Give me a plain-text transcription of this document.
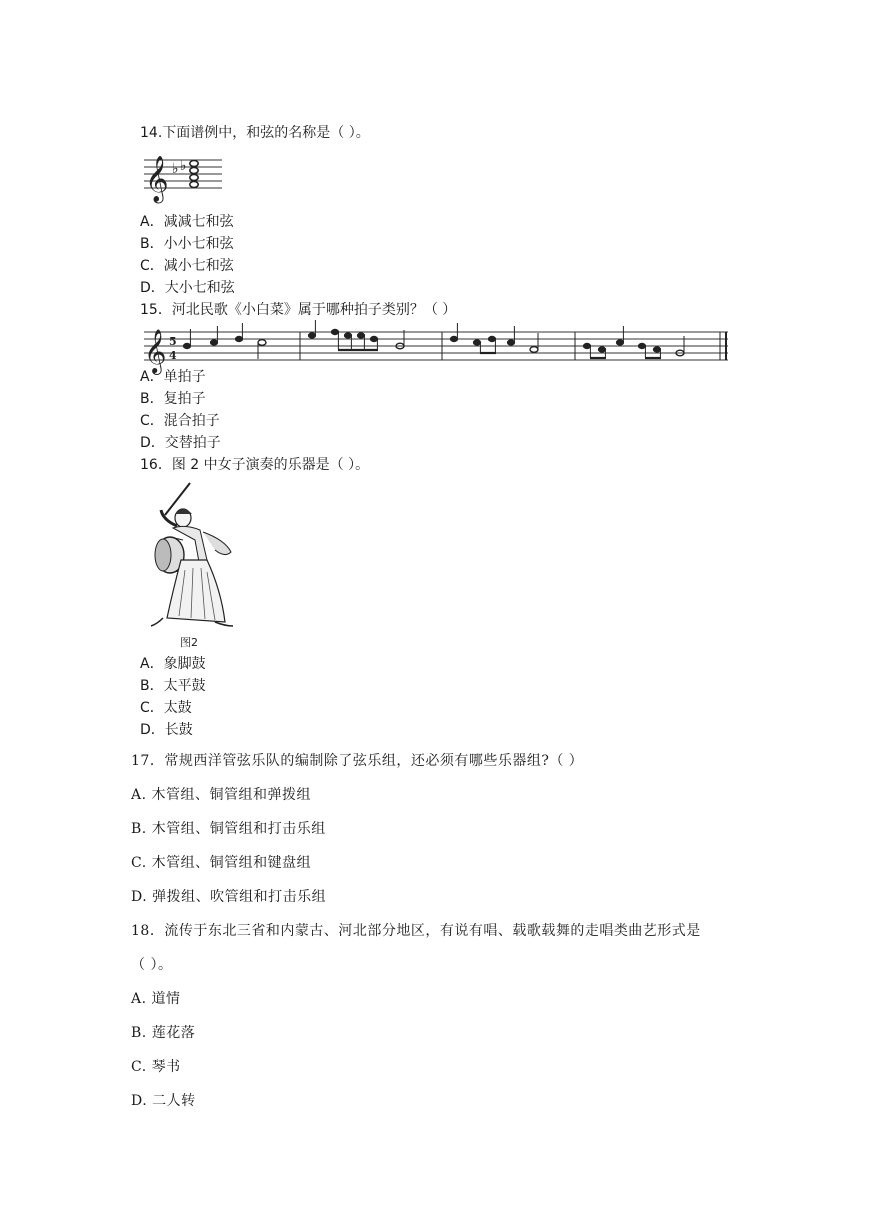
14.下面谱例中，和弦的名称是（ ）。
𝄞 ♭ ♭
A．减减七和弦
B．小小七和弦
C．减小七和弦
D．大小七和弦
15．河北民歌《小白菜》属于哪种拍子类别？（ ）
𝄞 5
4
A．单拍子
B．复拍子
C．混合拍子
D．交替拍子
16．图 2 中女子演奏的乐器是（ ）。
图2
A．象脚鼓
B．太平鼓
C．太鼓
D．长鼓
17．常规西洋管弦乐队的编制除了弦乐组，还必须有哪些乐器组?（ ）
A. 木管组、铜管组和弹拨组
B. 木管组、铜管组和打击乐组
C. 木管组、铜管组和键盘组
D. 弹拨组、吹管组和打击乐组
18．流传于东北三省和内蒙古、河北部分地区，有说有唱、载歌载舞的走唱类曲艺形式是
（ ）。
A. 道情
B. 莲花落
C. 琴书
D. 二人转
